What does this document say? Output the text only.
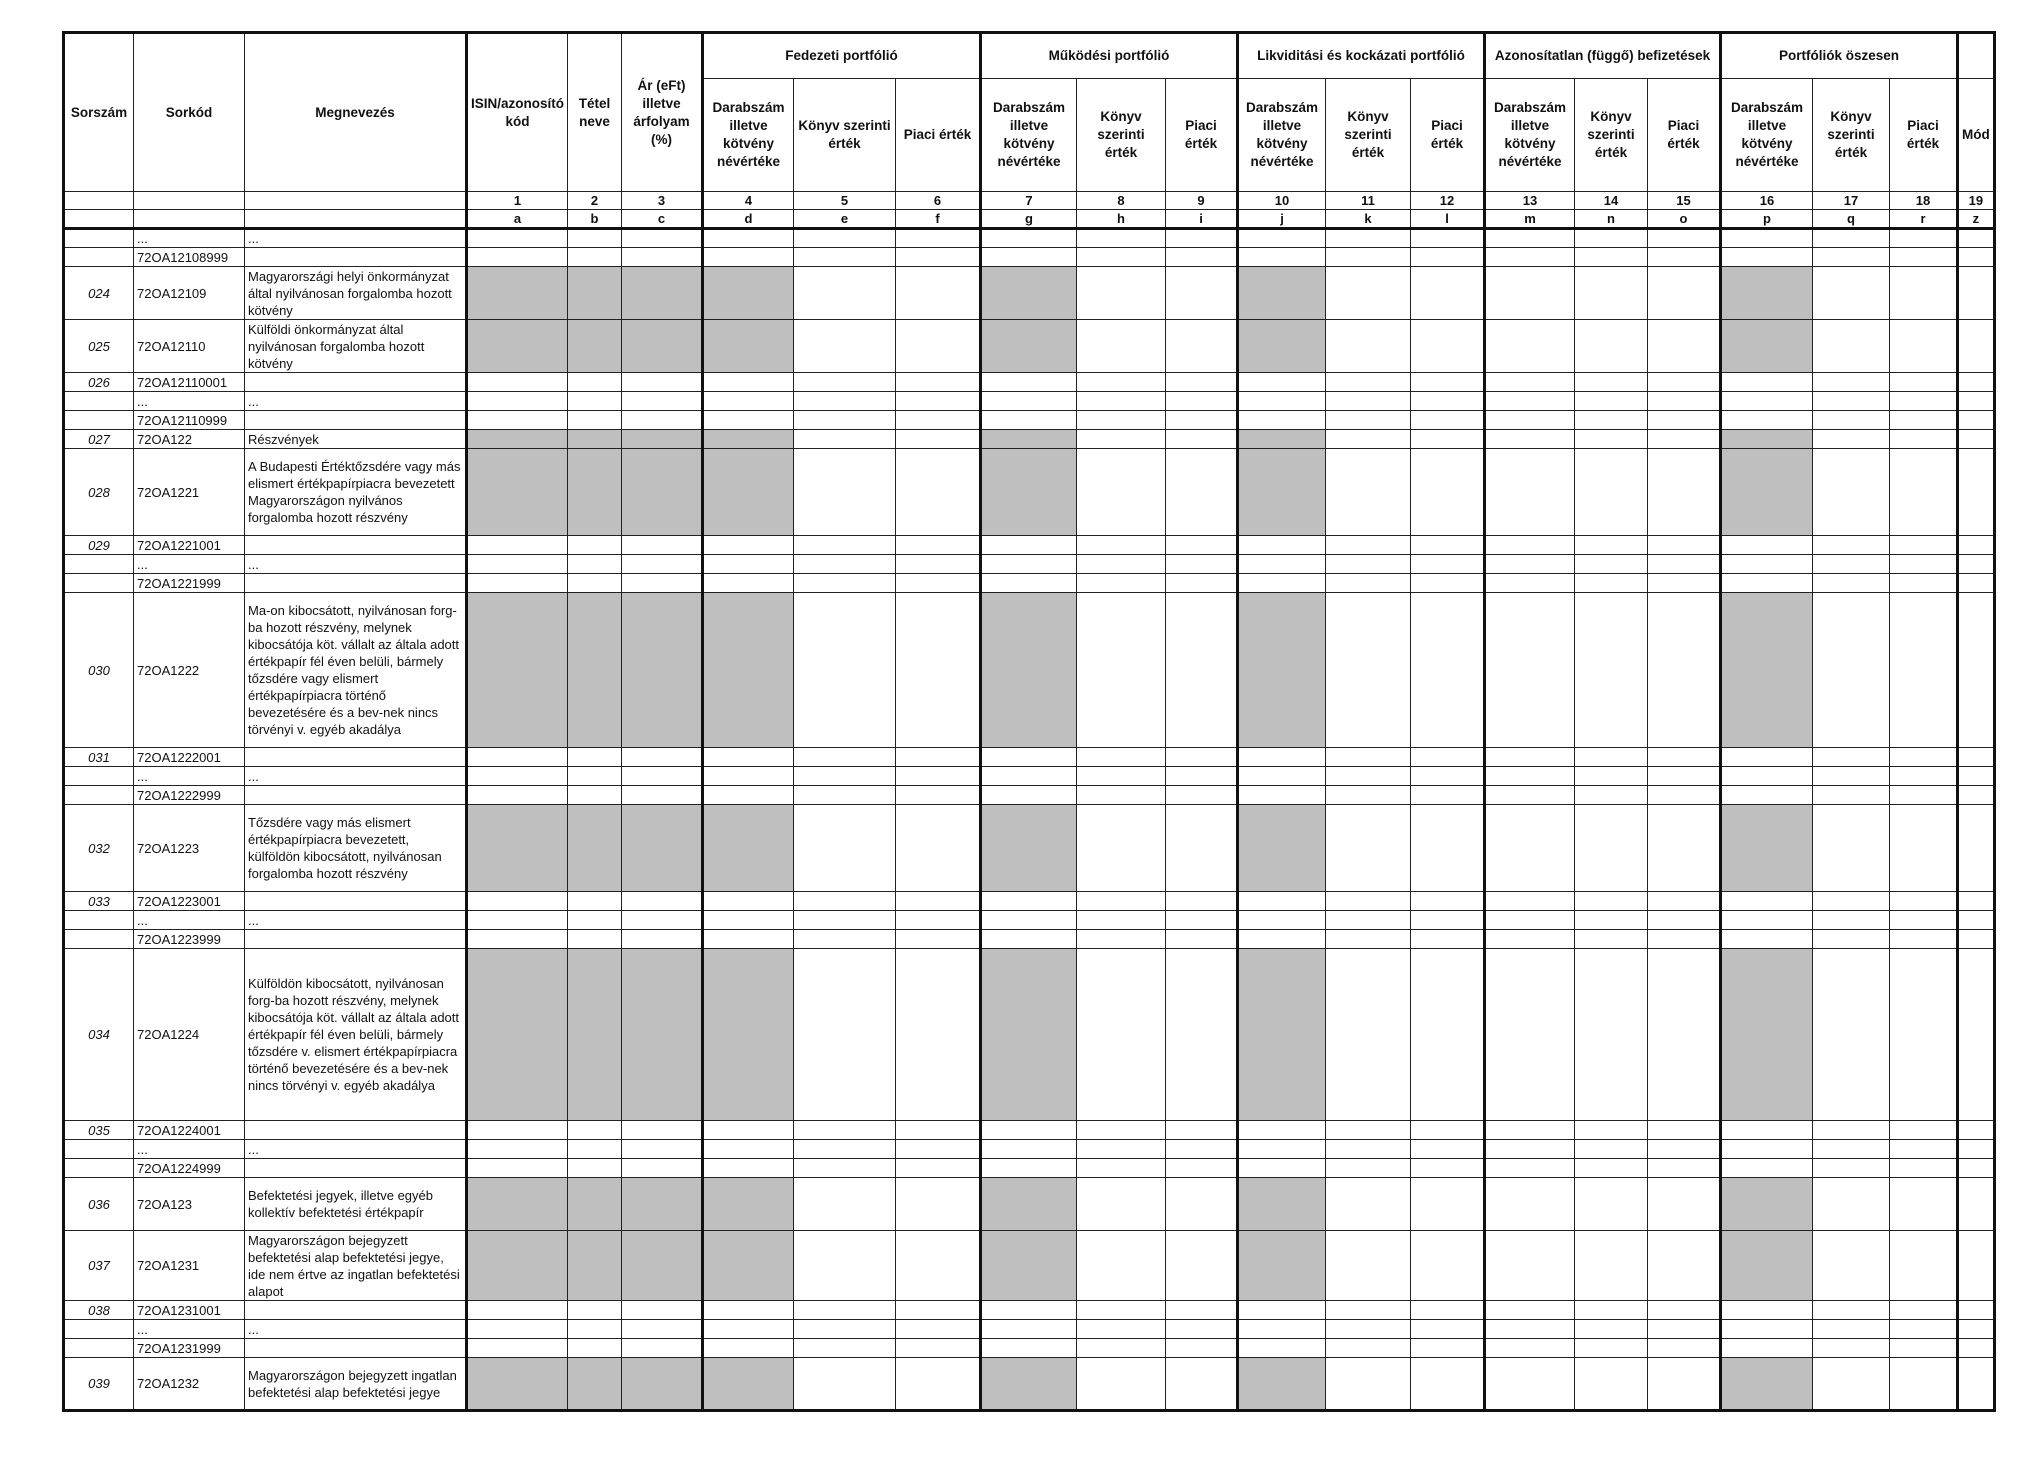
Sorszám	Sorkód	Megnevezés	ISIN/azonosító kód	Tétel neve	Ár (eFt) illetve árfolyam (%)	Fedezeti portfólió			Működési portfólió			Likviditási és kockázati portfólió			Azonosítatlan (függő) befizetések			Portfóliók öszesen			
						Darabszám illetve kötvény névértéke	Könyv szerinti érték	Piaci érték	Darabszám illetve kötvény névértéke	Könyv szerinti érték	Piaci érték	Darabszám illetve kötvény névértéke	Könyv szerinti érték	Piaci érték	Darabszám illetve kötvény névértéke	Könyv szerinti érték	Piaci érték	Darabszám illetve kötvény névértéke	Könyv szerinti érték	Piaci érték	Mód
			1	2	3	4	5	6	7	8	9	10	11	12	13	14	15	16	17	18	19
			a	b	c	d	e	f	g	h	i	j	k	l	m	n	o	p	q	r	z
	...	...																			
	72OA12108999																				
024	72OA12109	Magyarországi helyi önkormányzat által nyilvánosan forgalomba hozott kötvény																			
025	72OA12110	Külföldi önkormányzat által nyilvánosan forgalomba hozott kötvény																			
026	72OA12110001																				
	...	...																			
	72OA12110999																				
027	72OA122	Részvények																			
028	72OA1221	A Budapesti Értéktőzsdére vagy más elismert értékpapírpiacra bevezetett Magyarországon nyilvános forgalomba hozott részvény																			
029	72OA1221001																				
	...	...																			
	72OA1221999																				
030	72OA1222	Ma-on kibocsátott, nyilvánosan forg-ba hozott részvény, melynek kibocsátója köt. vállalt az általa adott értékpapír fél éven belüli, bármely tőzsdére vagy elismert értékpapírpiacra történő bevezetésére és a bev-nek nincs törvényi v. egyéb akadálya																			
031	72OA1222001																				
	...	...																			
	72OA1222999																				
032	72OA1223	Tőzsdére vagy más elismert értékpapírpiacra bevezetett, külföldön kibocsátott, nyilvánosan forgalomba hozott részvény																			
033	72OA1223001																				
	...	...																			
	72OA1223999																				
034	72OA1224	Külföldön kibocsátott, nyilvánosan forg-ba hozott részvény, melynek kibocsátója köt. vállalt az általa adott értékpapír fél éven belüli, bármely tőzsdére v. elismert értékpapírpiacra történő bevezetésére és a bev-nek nincs törvényi v. egyéb akadálya																			
035	72OA1224001																				
	...	...																			
	72OA1224999																				
036	72OA123	Befektetési jegyek, illetve egyéb kollektív befektetési értékpapír																			
037	72OA1231	Magyarországon bejegyzett befektetési alap befektetési jegye, ide nem értve az ingatlan befektetési alapot																			
038	72OA1231001																				
	...	...																			
	72OA1231999																				
039	72OA1232	Magyarországon bejegyzett ingatlan befektetési alap befektetési jegye																			
